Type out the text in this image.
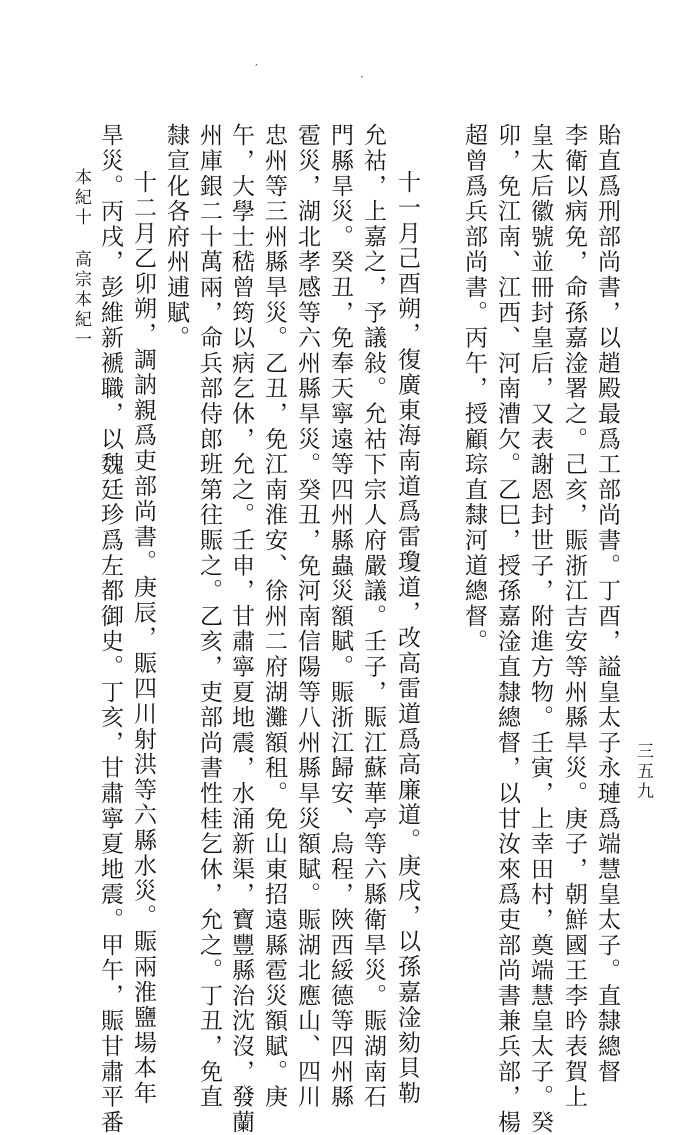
貽直爲刑部尚書，以趙殿最爲工部尚書。丁酉，謚皇太子永璉爲端慧皇太子。直隸總督
李衛以病免，命孫嘉淦署之。己亥，賑浙江吉安等州縣旱災。庚子，朝鮮國王李昑表賀上
皇太后徽號並冊封皇后，又表謝恩封世子，附進方物。壬寅，上幸田村，奠端慧皇太子。癸
卯，免江南、江西、河南漕欠。乙巳，授孫嘉淦直隸總督，以甘汝來爲吏部尚書兼兵部，楊
超曾爲兵部尚書。丙午，授顧琮直隸河道總督。
十一月己酉朔，復廣東海南道爲雷瓊道，改高雷道爲高廉道。庚戌，以孫嘉淦劾貝勒
允祜，上嘉之，予議敍。允祜下宗人府嚴議。壬子，賑江蘇華亭等六縣衛旱災。賑湖南石
門縣旱災。癸丑，免奉天寧遠等四州縣蟲災額賦。賑浙江歸安、烏程，陜西綏德等四州縣
雹災，湖北孝感等六州縣旱災。癸丑，免河南信陽等八州縣旱災額賦。賑湖北應山、四川
忠州等三州縣旱災。乙丑，免江南淮安、徐州二府湖灘額租。免山東招遠縣雹災額賦。庚
午，大學士嵇曾筠以病乞休，允之。壬申，甘肅寧夏地震，水涌新渠，寶豐縣治沈沒，發蘭
州庫銀二十萬兩，命兵部侍郎班第往賑之。乙亥，吏部尚書性桂乞休，允之。丁丑，免直
隸宣化各府州逋賦。
十二月乙卯朔，調訥親爲吏部尚書。庚辰，賑四川射洪等六縣水災。賑兩淮鹽場本年
旱災。丙戌，彭維新褫職，以魏廷珍爲左都御史。丁亥，甘肅寧夏地震。甲午，賑甘肅平番
本紀十高宗本紀一
三五九
′
·
